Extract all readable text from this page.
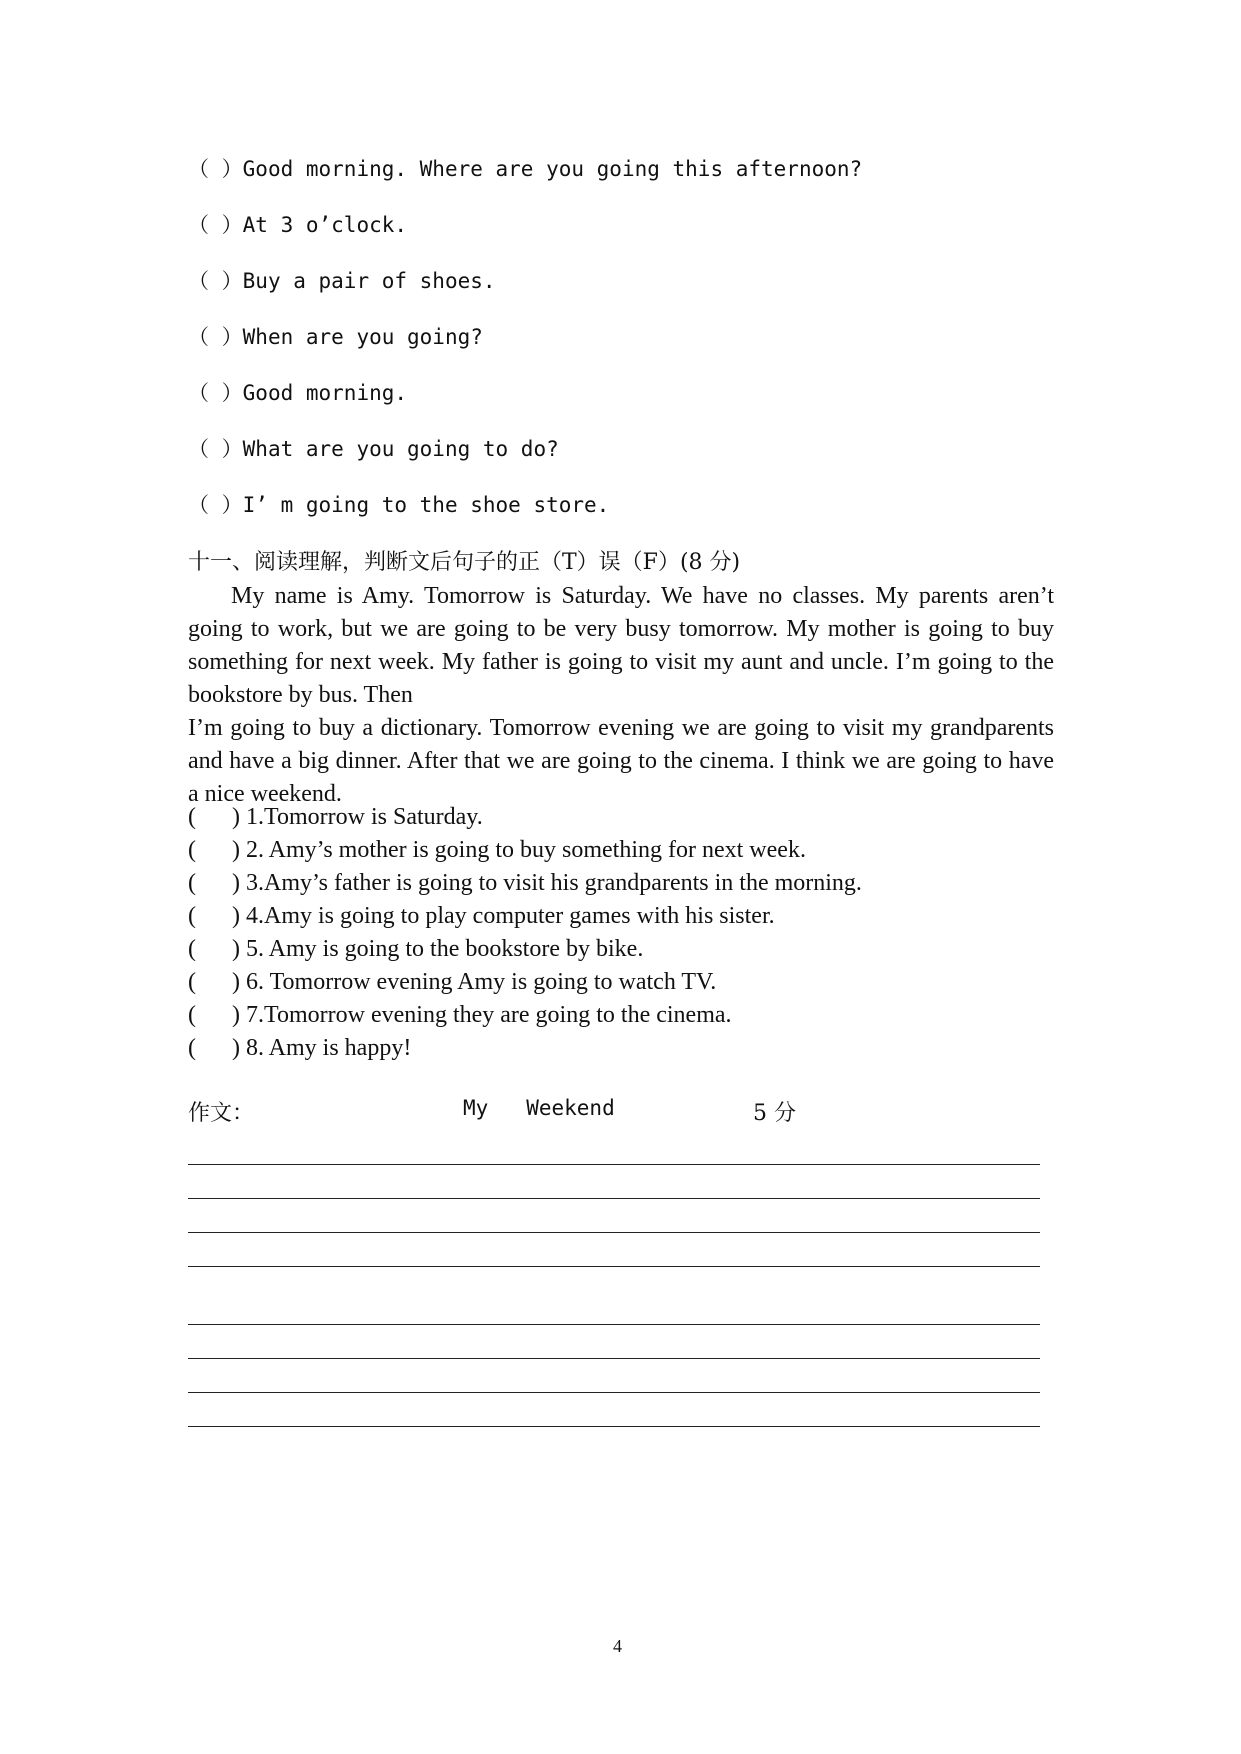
（ ）Good morning. Where are you going this afternoon?
（ ）At 3 o’clock.
（ ）Buy a pair of shoes.
（ ）When are you going?
（ ）Good morning.
（ ）What are you going to do?
（ ）I’ m going to the shoe store.
十一、阅读理解，判断文后句子的正（T）误（F）(8 分)

My name is Amy. Tomorrow is Saturday. We have no classes. My parents aren’t going to work, but we are going to be very busy tomorrow. My mother is going to buy something for next week. My father is going to visit my aunt and uncle. I’m going to the bookstore by bus. Then

I’m going to buy a dictionary. Tomorrow evening we are going to visit my grandparents and have a big dinner. After that we are going to the cinema. I think we are going to have a nice weekend.

( ) 1.Tomorrow is Saturday.
( ) 2. Amy’s mother is going to buy something for next week.
( ) 3.Amy’s father is going to visit his grandparents in the morning.
( ) 4.Amy is going to play computer games with his sister.
( ) 5. Amy is going to the bookstore by bike.
( ) 6. Tomorrow evening Amy is going to watch TV.
( ) 7.Tomorrow evening they are going to the cinema.
( ) 8. Amy is happy!
作文：	My   Weekend	5 分
4
